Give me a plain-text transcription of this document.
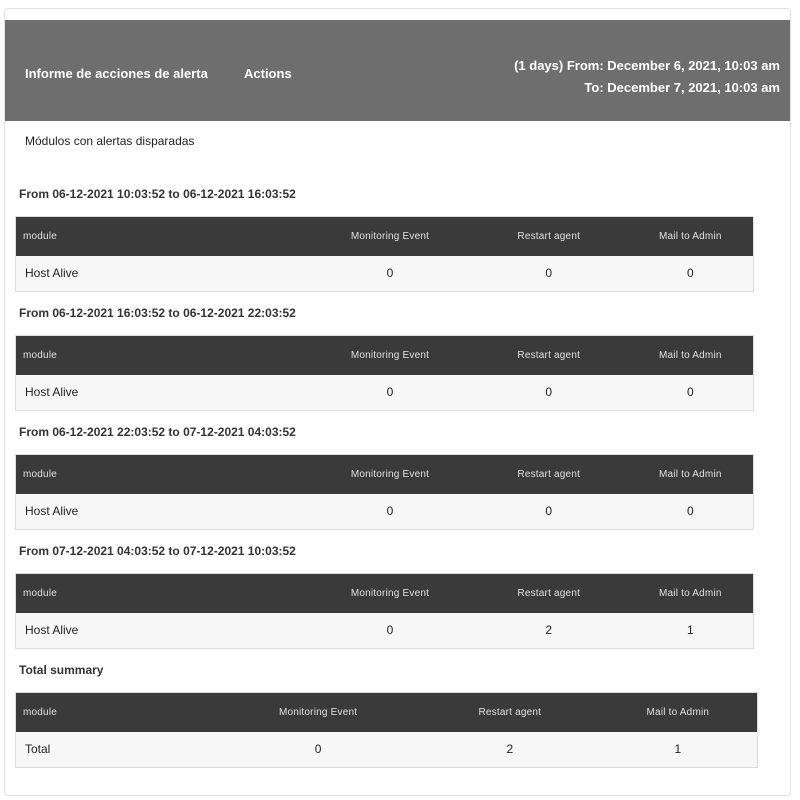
Informe de acciones de alerta	Actions
(1 days) From: December 6, 2021, 10:03 am
To: December 7, 2021, 10:03 am
Módulos con alertas disparadas
From 06-12-2021 10:03:52 to 06-12-2021 16:03:52
module	Monitoring Event	Restart agent	Mail to Admin
Host Alive	0	0	0
From 06-12-2021 16:03:52 to 06-12-2021 22:03:52
module	Monitoring Event	Restart agent	Mail to Admin
Host Alive	0	0	0
From 06-12-2021 22:03:52 to 07-12-2021 04:03:52
module	Monitoring Event	Restart agent	Mail to Admin
Host Alive	0	0	0
From 07-12-2021 04:03:52 to 07-12-2021 10:03:52
module	Monitoring Event	Restart agent	Mail to Admin
Host Alive	0	2	1
Total summary
module	Monitoring Event	Restart agent	Mail to Admin
Total	0	2	1
